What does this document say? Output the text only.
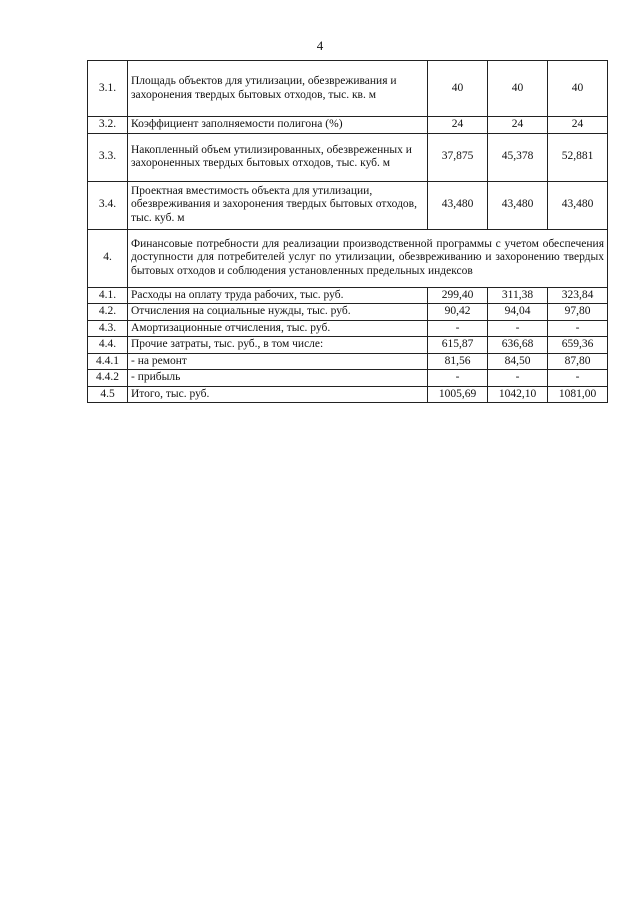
4
3.1.	Площадь объектов для утилизации, обезвреживания и захоронения твердых бытовых отходов, тыс. кв. м	40	40	40
3.2.	Коэффициент заполняемости полигона (%)	24	24	24
3.3.	Накопленный объем утилизированных, обезвреженных и захороненных твердых бытовых отходов, тыс. куб. м	37,875	45,378	52,881
3.4.	Проектная вместимость объекта для утилизации, обезвреживания и захоронения твердых бытовых отходов, тыс. куб. м	43,480	43,480	43,480
4.	Финансовые потребности для реализации производственной программы с учетом обеспечения доступности для потребителей услуг по утилизации, обезвреживанию и захоронению твердых бытовых отходов и соблюдения установленных предельных индексов			
4.1.	Расходы на оплату труда рабочих, тыс. руб.	299,40	311,38	323,84
4.2.	Отчисления на социальные нужды, тыс. руб.	90,42	94,04	97,80
4.3.	Амортизационные отчисления, тыс. руб.	-	-	-
4.4.	Прочие затраты, тыс. руб., в том числе:	615,87	636,68	659,36
4.4.1	- на ремонт	81,56	84,50	87,80
4.4.2	- прибыль	-	-	-
4.5	Итого, тыс. руб.	1005,69	1042,10	1081,00
